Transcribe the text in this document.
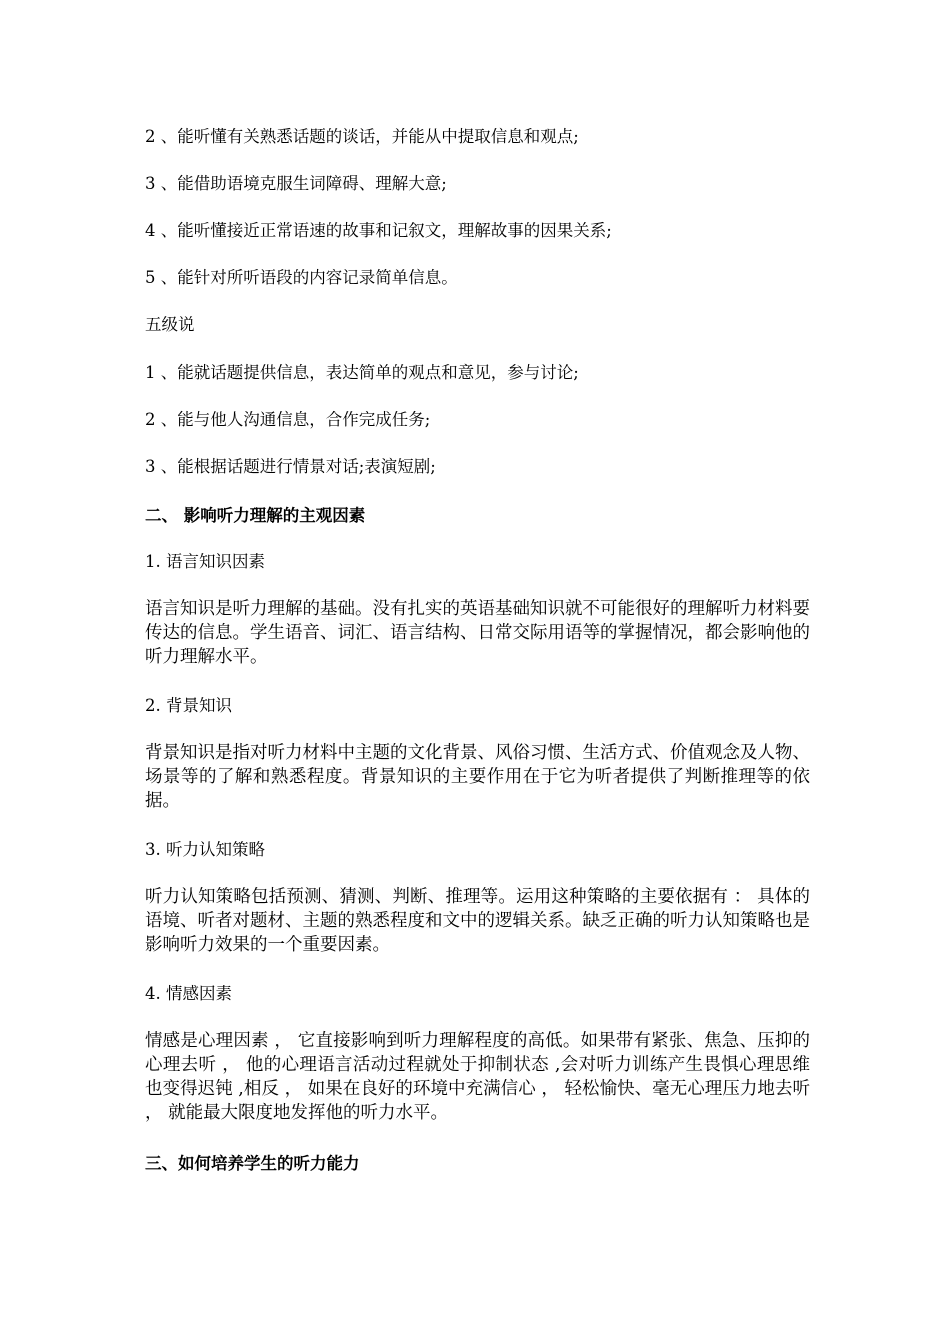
2 、能听懂有关熟悉话题的谈话，并能从中提取信息和观点;

3 、能借助语境克服生词障碍、理解大意;

4 、能听懂接近正常语速的故事和记叙文，理解故事的因果关系;

5 、能针对所听语段的内容记录简单信息。

五级说

1 、能就话题提供信息，表达简单的观点和意见，参与讨论;

2 、能与他人沟通信息，合作完成任务;

3 、能根据话题进行情景对话;表演短剧;

二、 影响听力理解的主观因素

1. 语言知识因素

语言知识是听力理解的基础。没有扎实的英语基础知识就不可能很好的理解听力材料要传达的信息。学生语音、词汇、语言结构、日常交际用语等的掌握情况，都会影响他的听力理解水平。

2. 背景知识

背景知识是指对听力材料中主题的文化背景、风俗习惯、生活方式、价值观念及人物、场景等的了解和熟悉程度。背景知识的主要作用在于它为听者提供了判断推理等的依据。

3. 听力认知策略

听力认知策略包括预测、猜测、判断、推理等。运用这种策略的主要依据有 ： 具体的语境、听者对题材、主题的熟悉程度和文中的逻辑关系。缺乏正确的听力认知策略也是影响听力效果的一个重要因素。

4. 情感因素

情感是心理因素 ， 它直接影响到听力理解程度的高低。如果带有紧张、焦急、压抑的心理去听 ， 他的心理语言活动过程就处于抑制状态 ,会对听力训练产生畏惧心理思维也变得迟钝 ,相反 ， 如果在良好的环境中充满信心 ， 轻松愉快、毫无心理压力地去听 ， 就能最大限度地发挥他的听力水平。

三、如何培养学生的听力能力
